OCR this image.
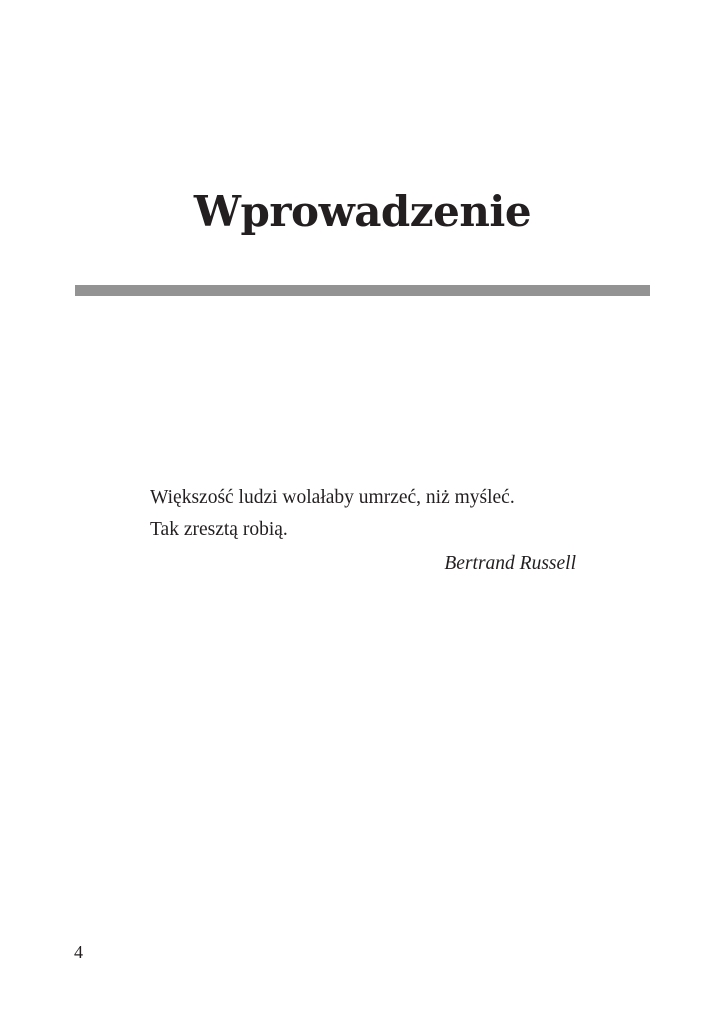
Wprowadzenie
Większość ludzi wolałaby umrzeć, niż myśleć.
Tak zresztą robią.
Bertrand Russell
4
